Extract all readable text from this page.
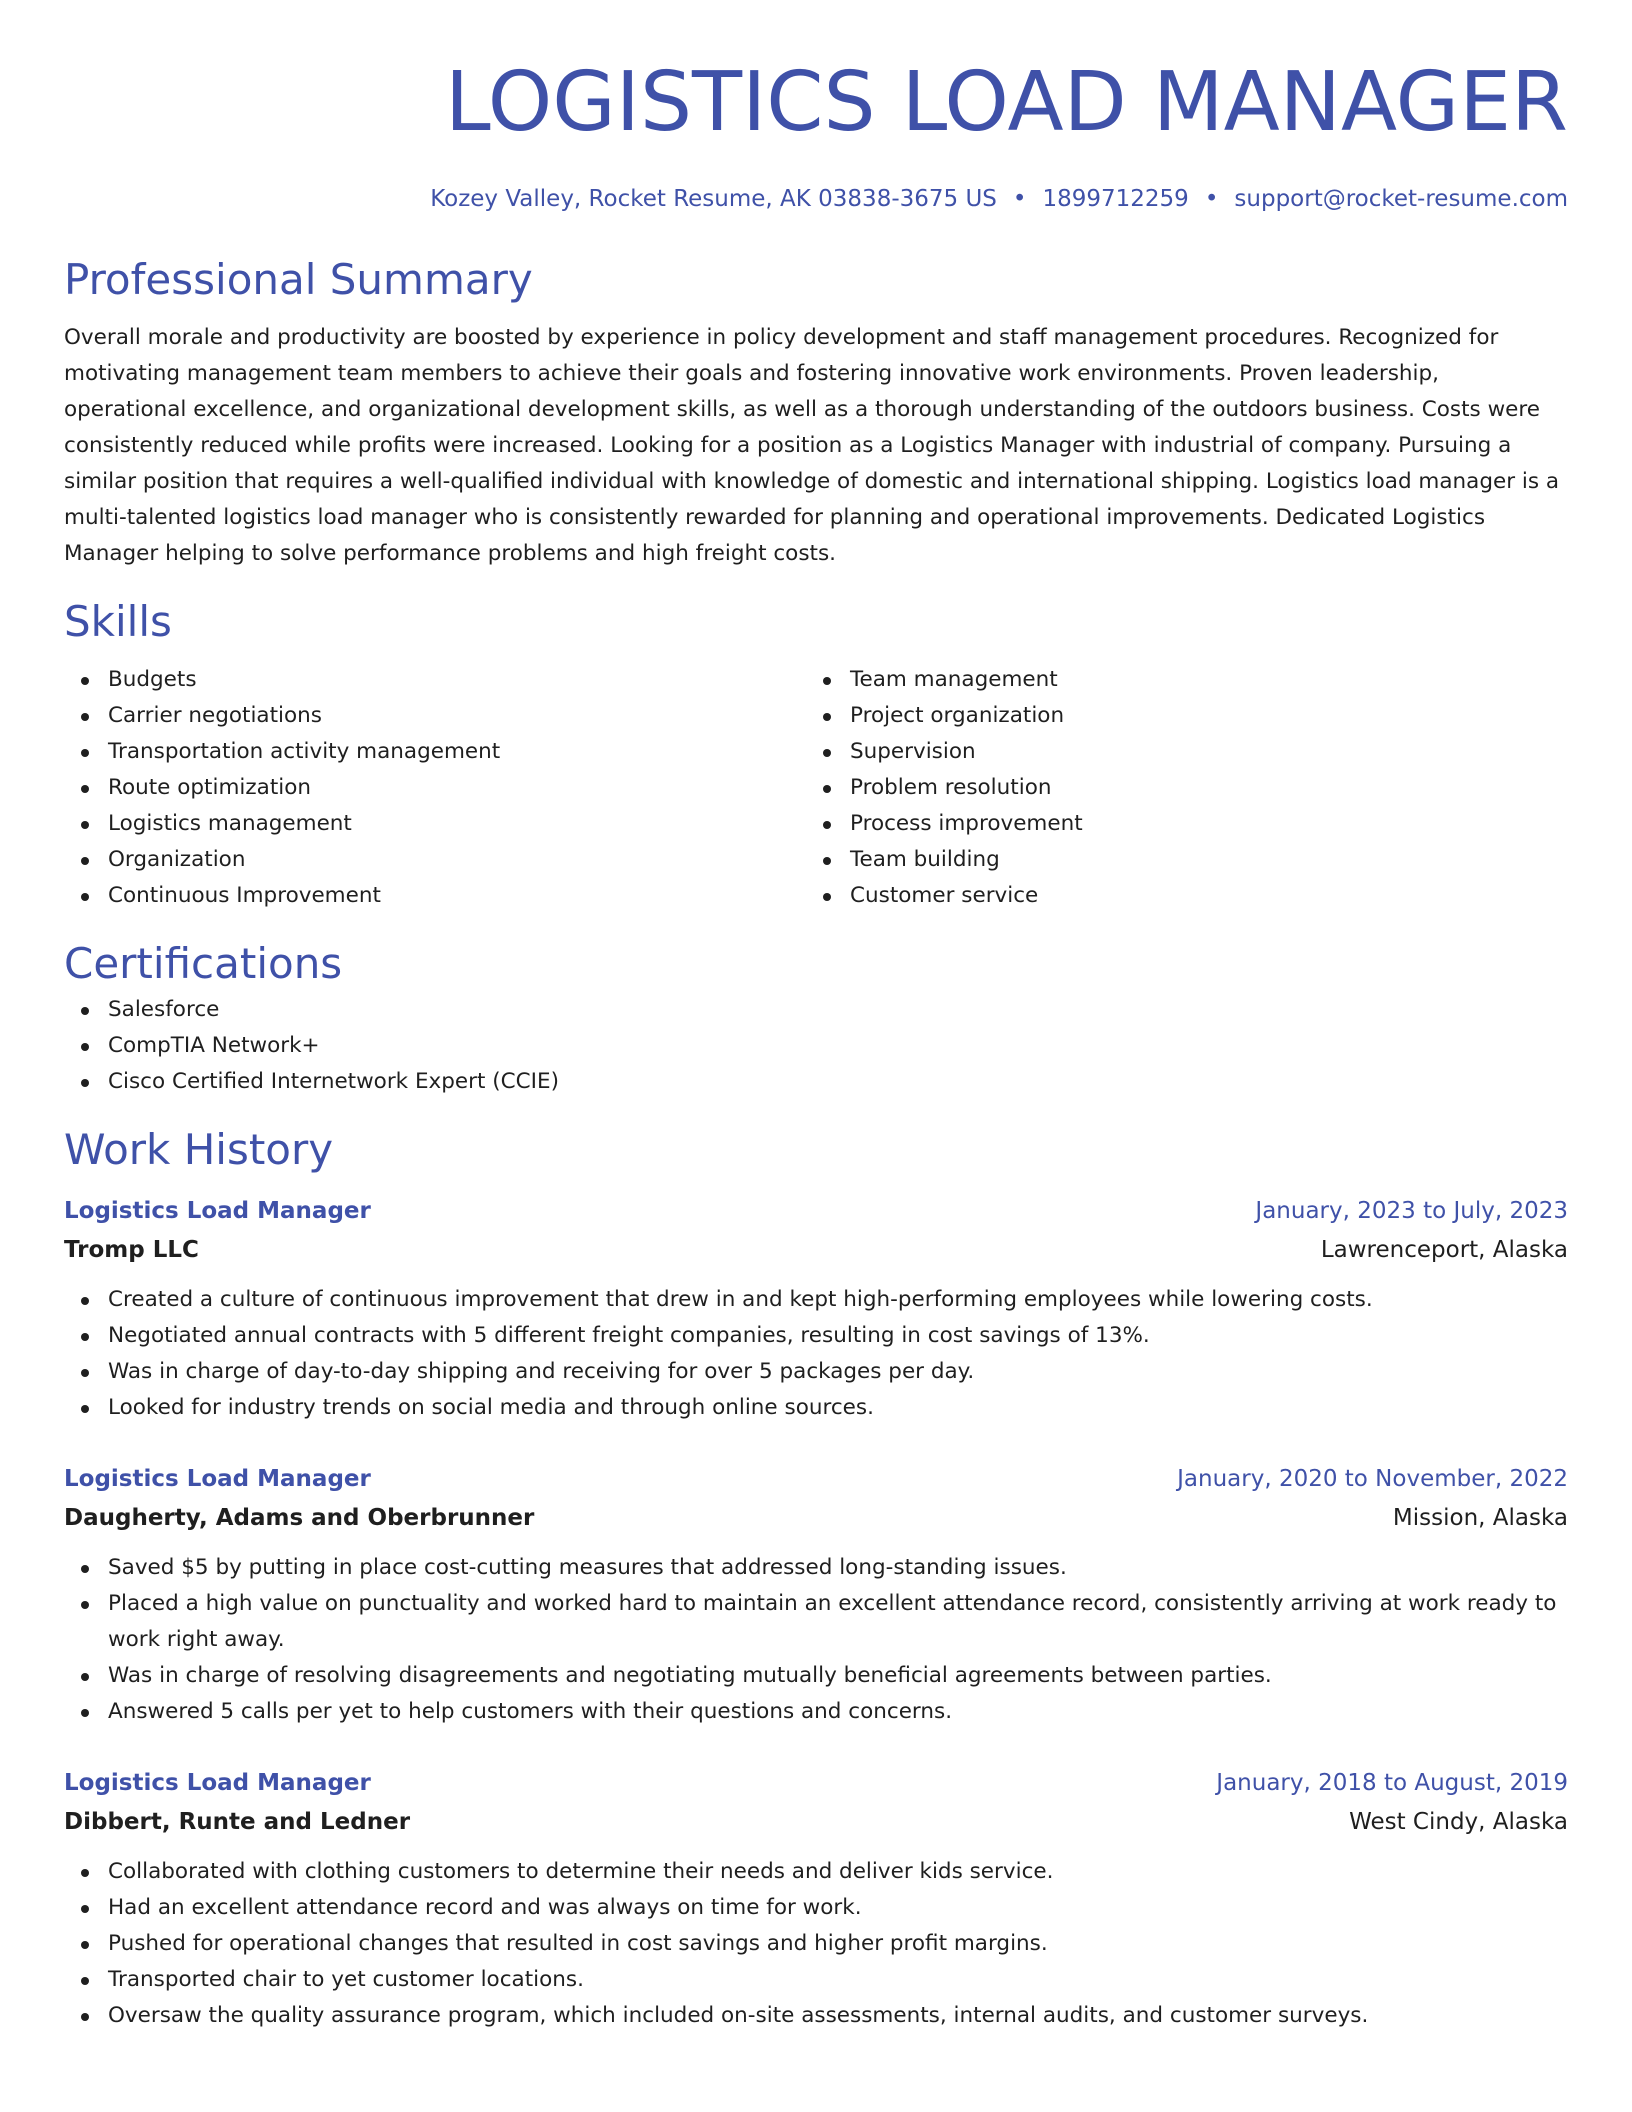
LOGISTICS LOAD MANAGER
Kozey Valley, Rocket Resume, AK 03838-3675 US • 1899712259 • support@rocket-resume.com
Professional Summary

Overall morale and productivity are boosted by experience in policy development and staff management procedures. Recognized for motivating management team members to achieve their goals and fostering innovative work environments. Proven leadership, operational excellence, and organizational development skills, as well as a thorough understanding of the outdoors business. Costs were consistently reduced while profits were increased. Looking for a position as a Logistics Manager with industrial of company. Pursuing a similar position that requires a well-qualified individual with knowledge of domestic and international shipping. Logistics load manager is a multi-talented logistics load manager who is consistently rewarded for planning and operational improvements. Dedicated Logistics Manager helping to solve performance problems and high freight costs.

Skills
Budgets
Carrier negotiations
Transportation activity management
Route optimization
Logistics management
Organization
Continuous Improvement
Team management
Project organization
Supervision
Problem resolution
Process improvement
Team building
Customer service
Certifications
Salesforce
CompTIA Network+
Cisco Certified Internetwork Expert (CCIE)
Work History
Logistics Load Manager	January, 2023 to July, 2023
Tromp LLC	Lawrenceport, Alaska
Created a culture of continuous improvement that drew in and kept high-performing employees while lowering costs.
Negotiated annual contracts with 5 different freight companies, resulting in cost savings of 13%.
Was in charge of day-to-day shipping and receiving for over 5 packages per day.
Looked for industry trends on social media and through online sources.
Logistics Load Manager	January, 2020 to November, 2022
Daugherty, Adams and Oberbrunner	Mission, Alaska
Saved $5 by putting in place cost-cutting measures that addressed long-standing issues.
Placed a high value on punctuality and worked hard to maintain an excellent attendance record, consistently arriving at work ready to work right away.
Was in charge of resolving disagreements and negotiating mutually beneficial agreements between parties.
Answered 5 calls per yet to help customers with their questions and concerns.
Logistics Load Manager	January, 2018 to August, 2019
Dibbert, Runte and Ledner	West Cindy, Alaska
Collaborated with clothing customers to determine their needs and deliver kids service.
Had an excellent attendance record and was always on time for work.
Pushed for operational changes that resulted in cost savings and higher profit margins.
Transported chair to yet customer locations.
Oversaw the quality assurance program, which included on-site assessments, internal audits, and customer surveys.
